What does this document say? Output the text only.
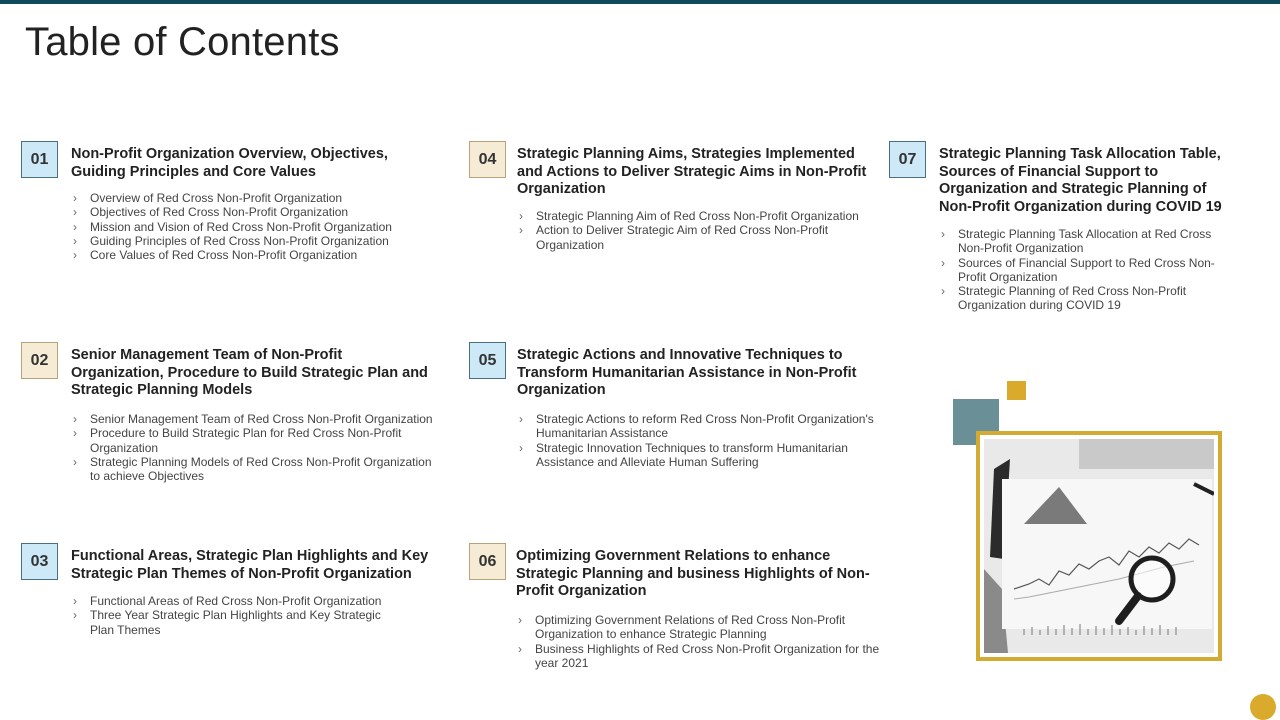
Table of Contents
01	Non-Profit Organization Overview, Objectives, Guiding Principles and Core Values
› Overview of Red Cross Non-Profit Organization
› Objectives of Red Cross Non-Profit Organization
› Mission and Vision of Red Cross Non-Profit Organization
› Guiding Principles of Red Cross Non-Profit Organization
› Core Values of Red Cross Non-Profit Organization
02	Senior Management Team of Non-Profit Organization, Procedure to Build Strategic Plan and Strategic Planning Models
› Senior Management Team of Red Cross Non-Profit Organization
› Procedure to Build Strategic Plan for Red Cross Non-Profit Organization
› Strategic Planning Models of Red Cross Non-Profit Organization to achieve Objectives
03	Functional Areas, Strategic Plan Highlights and Key Strategic Plan Themes of Non-Profit Organization
› Functional Areas of Red Cross Non-Profit Organization
› Three Year Strategic Plan Highlights and Key Strategic Plan Themes
04	Strategic Planning Aims, Strategies Implemented and Actions to Deliver Strategic Aims in Non-Profit Organization
› Strategic Planning Aim of Red Cross Non-Profit Organization
› Action to Deliver Strategic Aim of Red Cross Non-Profit Organization
05	Strategic Actions and Innovative Techniques to Transform Humanitarian Assistance in Non-Profit Organization
› Strategic Actions to reform Red Cross Non-Profit Organization's Humanitarian Assistance
› Strategic Innovation Techniques to transform Humanitarian Assistance and Alleviate Human Suffering
06	Optimizing Government Relations to enhance Strategic Planning and business Highlights of Non-Profit Organization
› Optimizing Government Relations of Red Cross Non-Profit Organization to enhance Strategic Planning
› Business Highlights of Red Cross Non-Profit Organization for the year 2021
07	Strategic Planning Task Allocation Table, Sources of Financial Support to Organization and Strategic Planning of Non-Profit Organization during COVID 19
› Strategic Planning Task Allocation at Red Cross Non-Profit Organization
› Sources of Financial Support to Red Cross Non-Profit Organization
› Strategic Planning of Red Cross Non-Profit Organization during COVID 19
